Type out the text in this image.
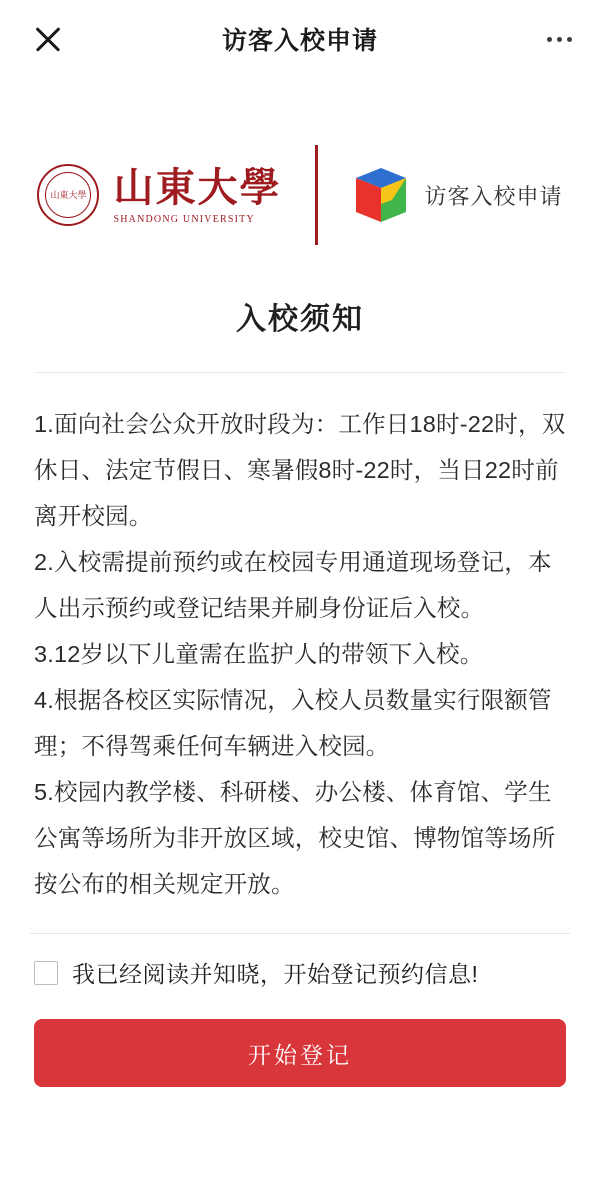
访客入校申请
山東大學 山東大學
SHANDONG UNIVERSITY
访客入校申请
入校须知

1.面向社会公众开放时段为：工作日18时-22时，双休日、法定节假日、寒暑假8时-22时，当日22时前离开校园。

2.入校需提前预约或在校园专用通道现场登记，本人出示预约或登记结果并刷身份证后入校。

3.12岁以下儿童需在监护人的带领下入校。

4.根据各校区实际情况，入校人员数量实行限额管理；不得驾乘任何车辆进入校园。

5.校园内教学楼、科研楼、办公楼、体育馆、学生公寓等场所为非开放区域，校史馆、博物馆等场所按公布的相关规定开放。

我已经阅读并知晓，开始登记预约信息!
开始登记
